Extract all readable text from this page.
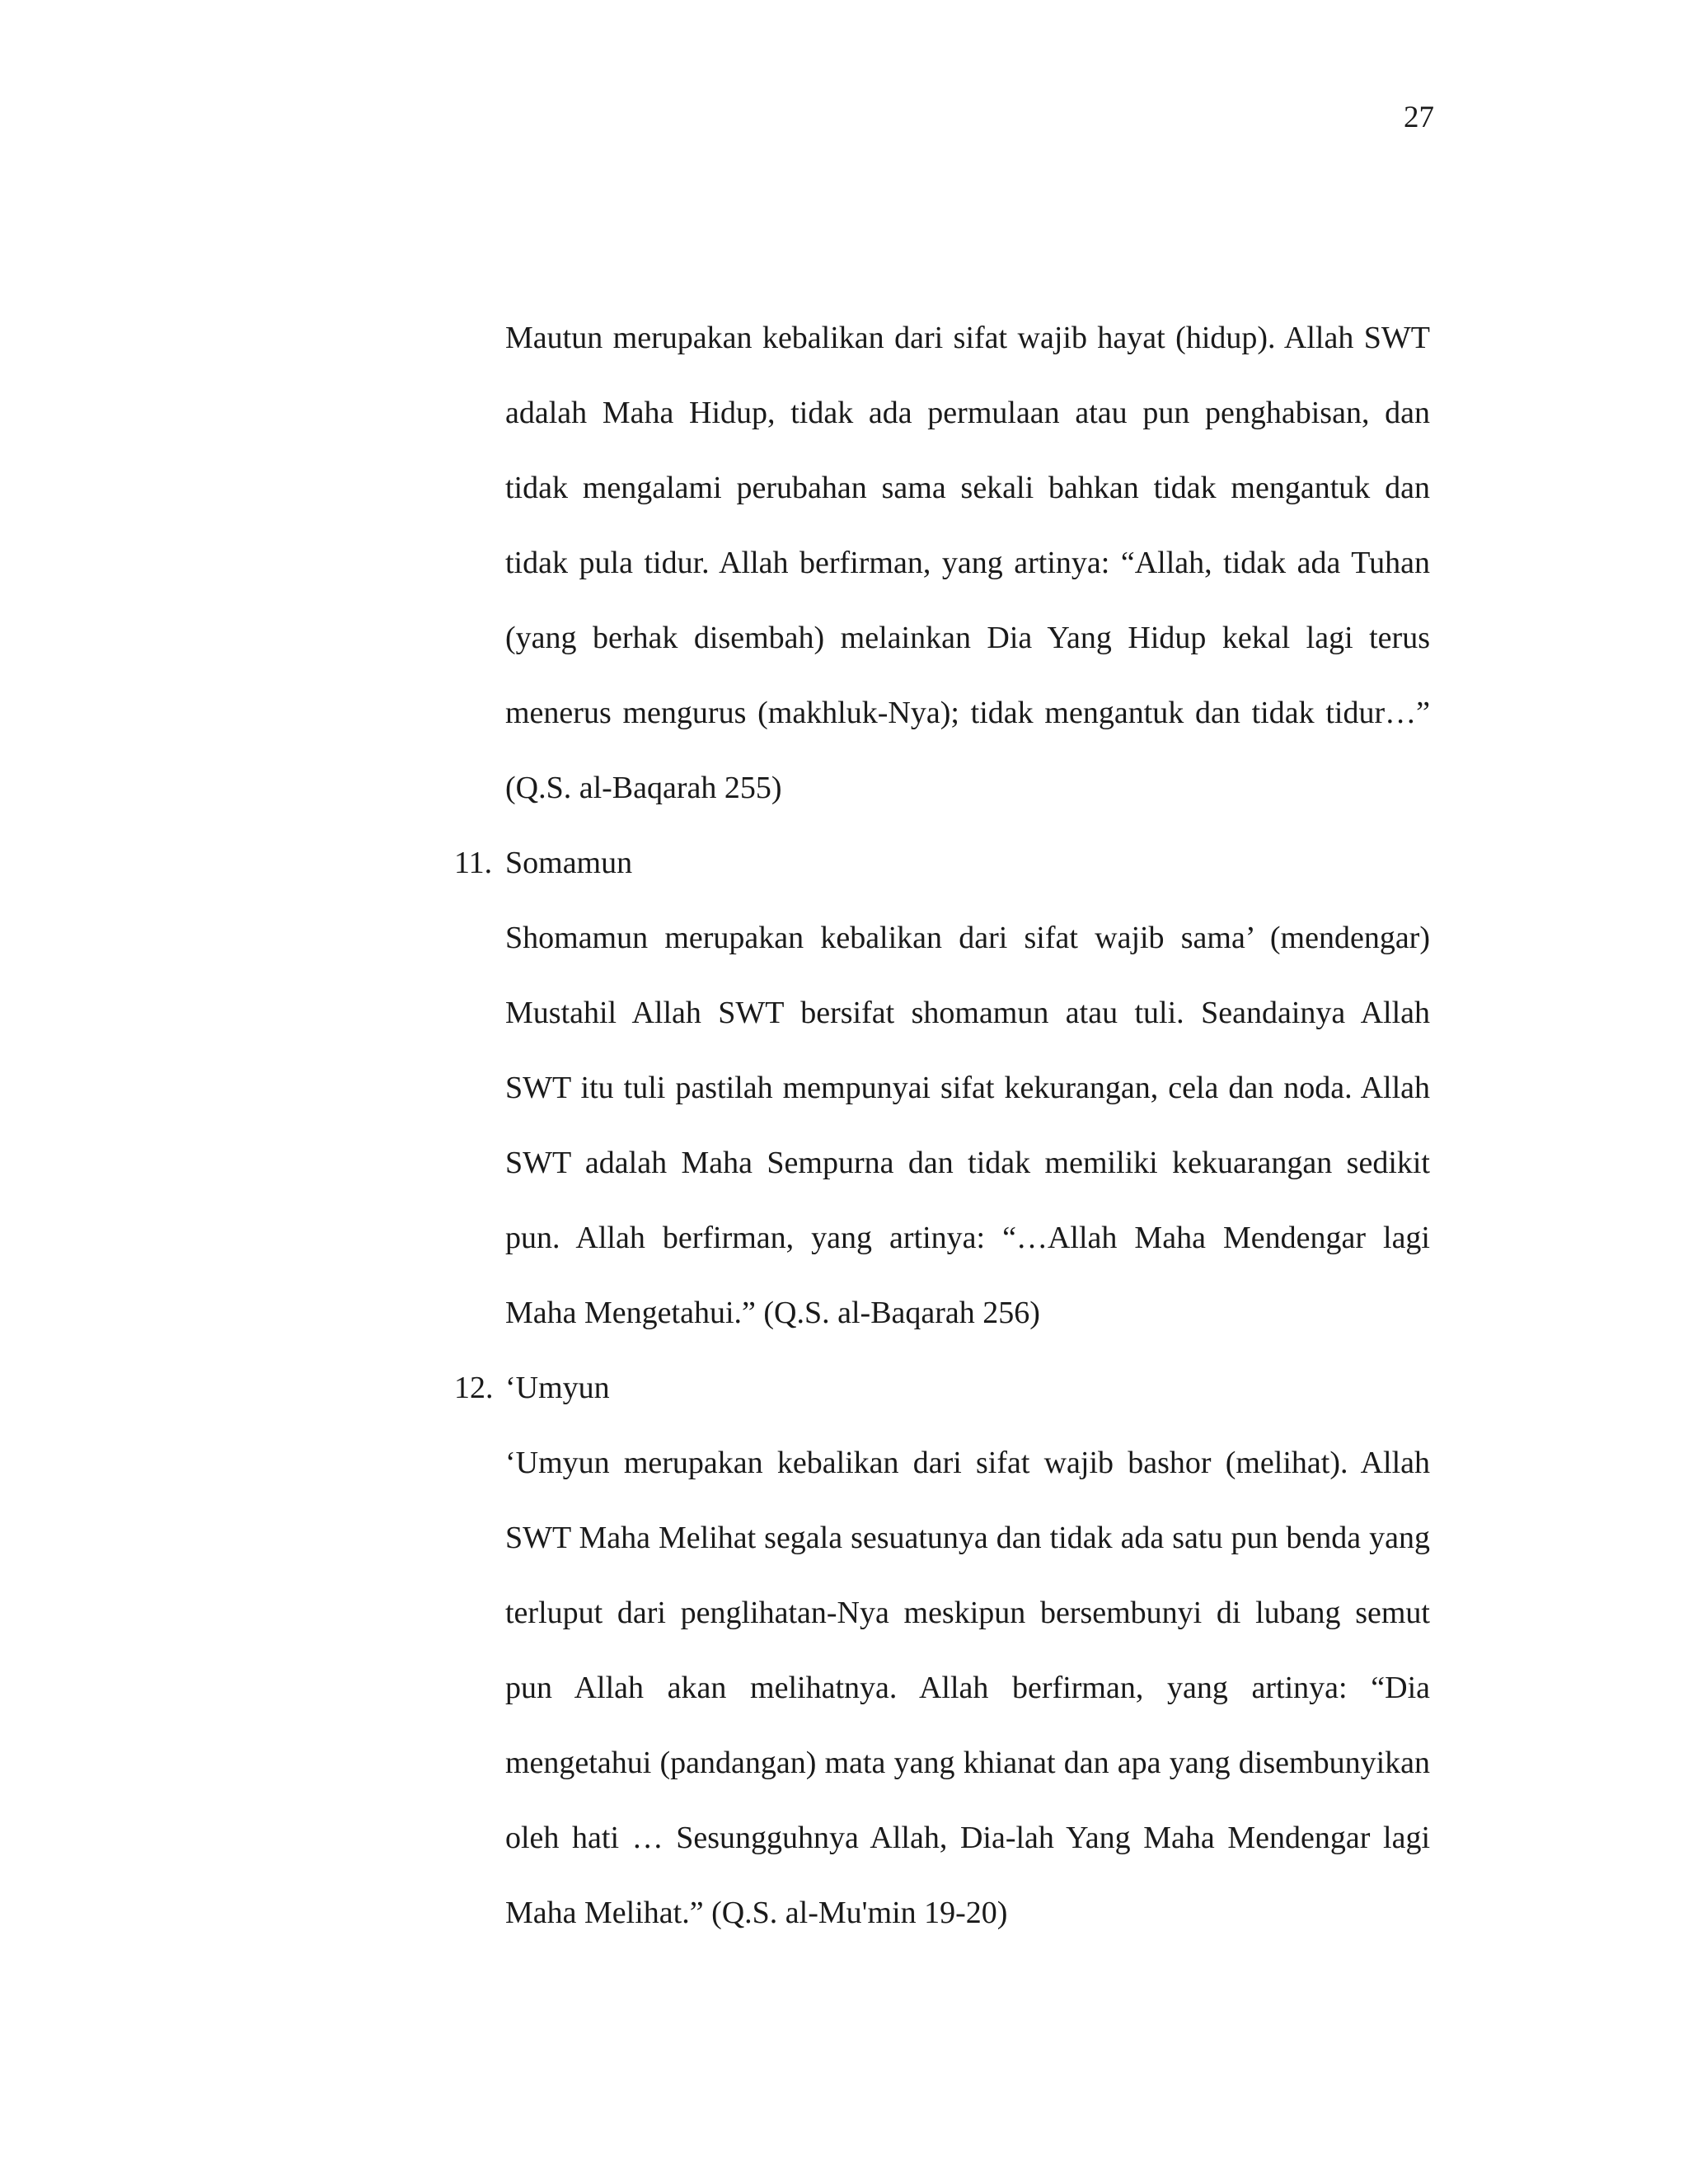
27

Mautun merupakan kebalikan dari sifat wajib hayat (hidup). Allah SWT adalah Maha Hidup, tidak ada permulaan atau pun penghabisan, dan tidak mengalami perubahan sama sekali bahkan tidak mengantuk dan tidak pula tidur. Allah berfirman, yang artinya: “Allah, tidak ada Tuhan (yang berhak disembah) melainkan Dia Yang Hidup kekal lagi terus menerus mengurus (makhluk-Nya); tidak mengantuk dan tidak tidur…” (Q.S. al-Baqarah 255)

11. Somamun

Shomamun merupakan kebalikan dari sifat wajib sama’ (mendengar) Mustahil Allah SWT bersifat shomamun atau tuli. Seandainya Allah SWT itu tuli pastilah mempunyai sifat kekurangan, cela dan noda. Allah SWT adalah Maha Sempurna dan tidak memiliki kekuarangan sedikit pun. Allah berfirman, yang artinya: “…Allah Maha Mendengar lagi Maha Mengetahui.” (Q.S. al-Baqarah 256)

12. ‘Umyun

‘Umyun merupakan kebalikan dari sifat wajib bashor (melihat). Allah SWT Maha Melihat segala sesuatunya dan tidak ada satu pun benda yang terluput dari penglihatan-Nya meskipun bersembunyi di lubang semut pun Allah akan melihatnya. Allah berfirman, yang artinya: “Dia mengetahui (pandangan) mata yang khianat dan apa yang disembunyikan oleh hati … Sesungguhnya Allah, Dia-lah Yang Maha Mendengar lagi Maha Melihat.” (Q.S. al-Mu'min 19-20)
